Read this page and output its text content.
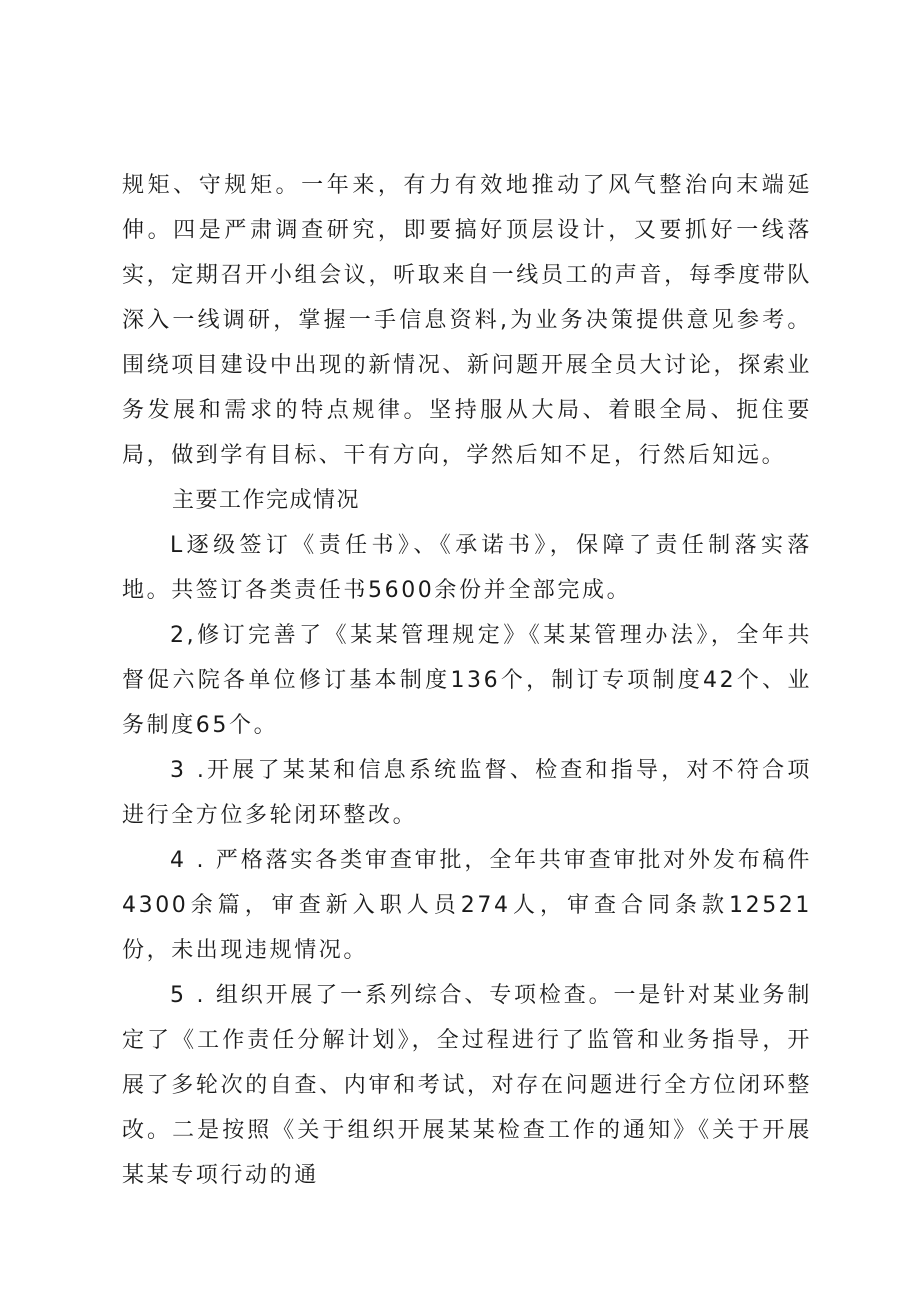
规矩、守规矩。一年来，有力有效地推动了风气整治向末端延伸。四是严肃调查研究，即要搞好顶层设计，又要抓好一线落实，定期召开小组会议，听取来自一线员工的声音，每季度带队深入一线调研，掌握一手信息资料,为业务决策提供意见参考。围绕项目建设中出现的新情况、新问题开展全员大讨论，探索业务发展和需求的特点规律。坚持服从大局、着眼全局、扼住要局，做到学有目标、干有方向，学然后知不足，行然后知远。

主要工作完成情况

L逐级签订《责任书》、《承诺书》，保障了责任制落实落地。共签订各类责任书5600余份并全部完成。

2,修订完善了《某某管理规定》《某某管理办法》，全年共督促六院各单位修订基本制度136个，制订专项制度42个、业务制度65个。

3 .开展了某某和信息系统监督、检查和指导，对不符合项进行全方位多轮闭环整改。

4 . 严格落实各类审查审批，全年共审查审批对外发布稿件4300余篇，审查新入职人员274人，审查合同条款12521份，未出现违规情况。

5 . 组织开展了一系列综合、专项检查。一是针对某业务制定了《工作责任分解计划》，全过程进行了监管和业务指导，开展了多轮次的自查、内审和考试，对存在问题进行全方位闭环整改。二是按照《关于组织开展某某检查工作的通知》《关于开展某某专项行动的通
